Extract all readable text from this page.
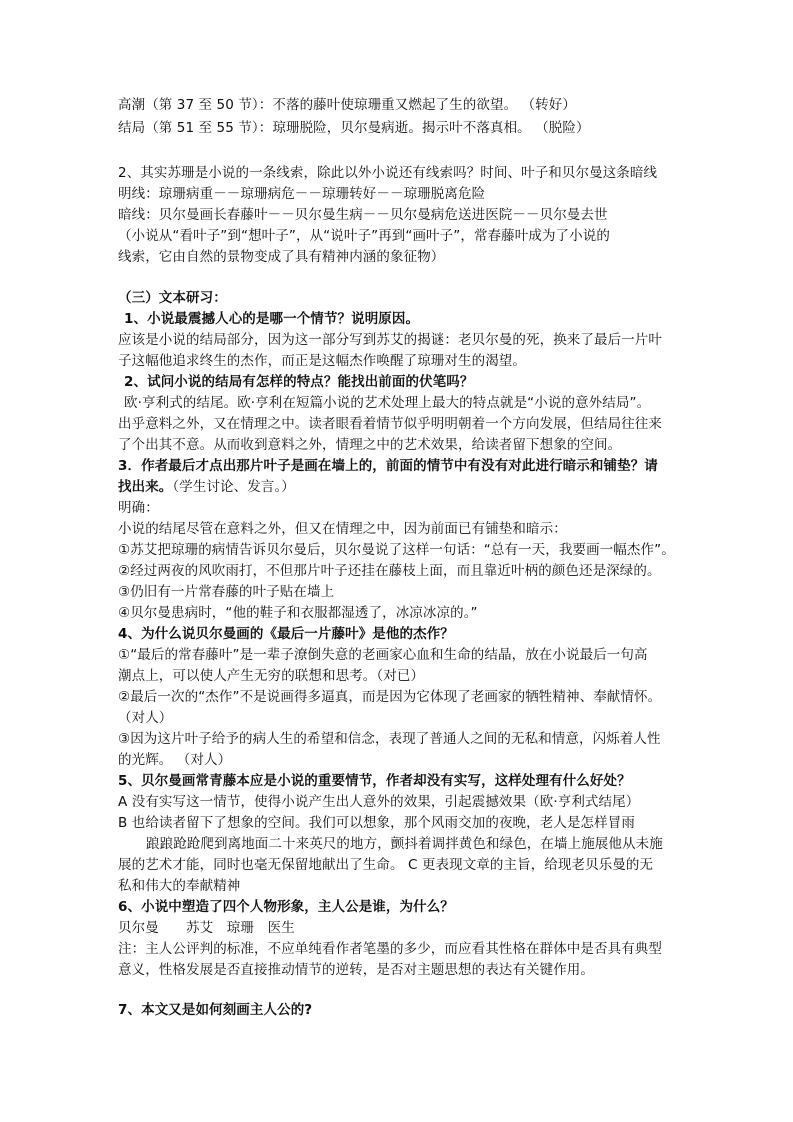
高潮（第 37 至 50 节）：不落的藤叶使琼珊重又燃起了生的欲望。 （转好）
结局（第 51 至 55 节）：琼珊脱险，贝尔曼病逝。揭示叶不落真相。 （脱险）
2、其实苏珊是小说的一条线索，除此以外小说还有线索吗？时间、叶子和贝尔曼这条暗线
明线：琼珊病重－－琼珊病危－－琼珊转好－－琼珊脱离危险
暗线：贝尔曼画长春藤叶－－贝尔曼生病－－贝尔曼病危送进医院－－贝尔曼去世
（小说从“看叶子”到“想叶子”，从“说叶子”再到“画叶子”，常春藤叶成为了小说的
线索，它由自然的景物变成了具有精神内涵的象征物）
（三）文本研习：
1、小说最震撼人心的是哪一个情节？说明原因。
应该是小说的结局部分，因为这一部分写到苏艾的揭谜：老贝尔曼的死，换来了最后一片叶
子这幅他追求终生的杰作，而正是这幅杰作唤醒了琼珊对生的渴望。
2、试问小说的结局有怎样的特点？能找出前面的伏笔吗？
欧·亨利式的结尾。欧·亨利在短篇小说的艺术处理上最大的特点就是“小说的意外结局”。
出乎意料之外，又在情理之中。读者眼看着情节似乎明明朝着一个方向发展，但结局往往来
了个出其不意。从而收到意料之外，情理之中的艺术效果，给读者留下想象的空间。
3．作者最后才点出那片叶子是画在墙上的，前面的情节中有没有对此进行暗示和铺垫？请
找出来。（学生讨论、发言。）
明确：
小说的结尾尽管在意料之外，但又在情理之中，因为前面已有铺垫和暗示：
①苏艾把琼珊的病情告诉贝尔曼后，贝尔曼说了这样一句话：“总有一天，我要画一幅杰作”。
②经过两夜的风吹雨打，不但那片叶子还挂在藤枝上面，而且靠近叶柄的颜色还是深绿的。
③仍旧有一片常春藤的叶子贴在墙上
④贝尔曼患病时，“他的鞋子和衣服都湿透了，冰凉冰凉的。”
4、为什么说贝尔曼画的《最后一片藤叶》是他的杰作？
①“最后的常春藤叶”是一辈子潦倒失意的老画家心血和生命的结晶，放在小说最后一句高
潮点上，可以使人产生无穷的联想和思考。（对已）
②最后一次的“杰作”不是说画得多逼真，而是因为它体现了老画家的牺牲精神、奉献情怀。
（对人）
③因为这片叶子给予的病人生的希望和信念，表现了普通人之间的无私和情意，闪烁着人性
的光辉。 （对人）
5、贝尔曼画常青藤本应是小说的重要情节，作者却没有实写，这样处理有什么好处？
A 没有实写这一情节，使得小说产生出人意外的效果，引起震撼效果（欧·亨利式结尾）
B 也给读者留下了想象的空间。我们可以想象，那个风雨交加的夜晚，老人是怎样冒雨
踉踉跄跄爬到离地面二十来英尺的地方，颤抖着调拌黄色和绿色，在墙上施展他从未施
展的艺术才能，同时也毫无保留地献出了生命。 C 更表现文章的主旨，给现老贝乐曼的无
私和伟大的奉献精神
6、小说中塑造了四个人物形象，主人公是谁，为什么？
贝尔曼　　苏艾　琼珊　医生
注：主人公评判的标准，不应单纯看作者笔墨的多少，而应看其性格在群体中是否具有典型
意义，性格发展是否直接推动情节的逆转，是否对主题思想的表达有关键作用。
7、本文又是如何刻画主人公的?
